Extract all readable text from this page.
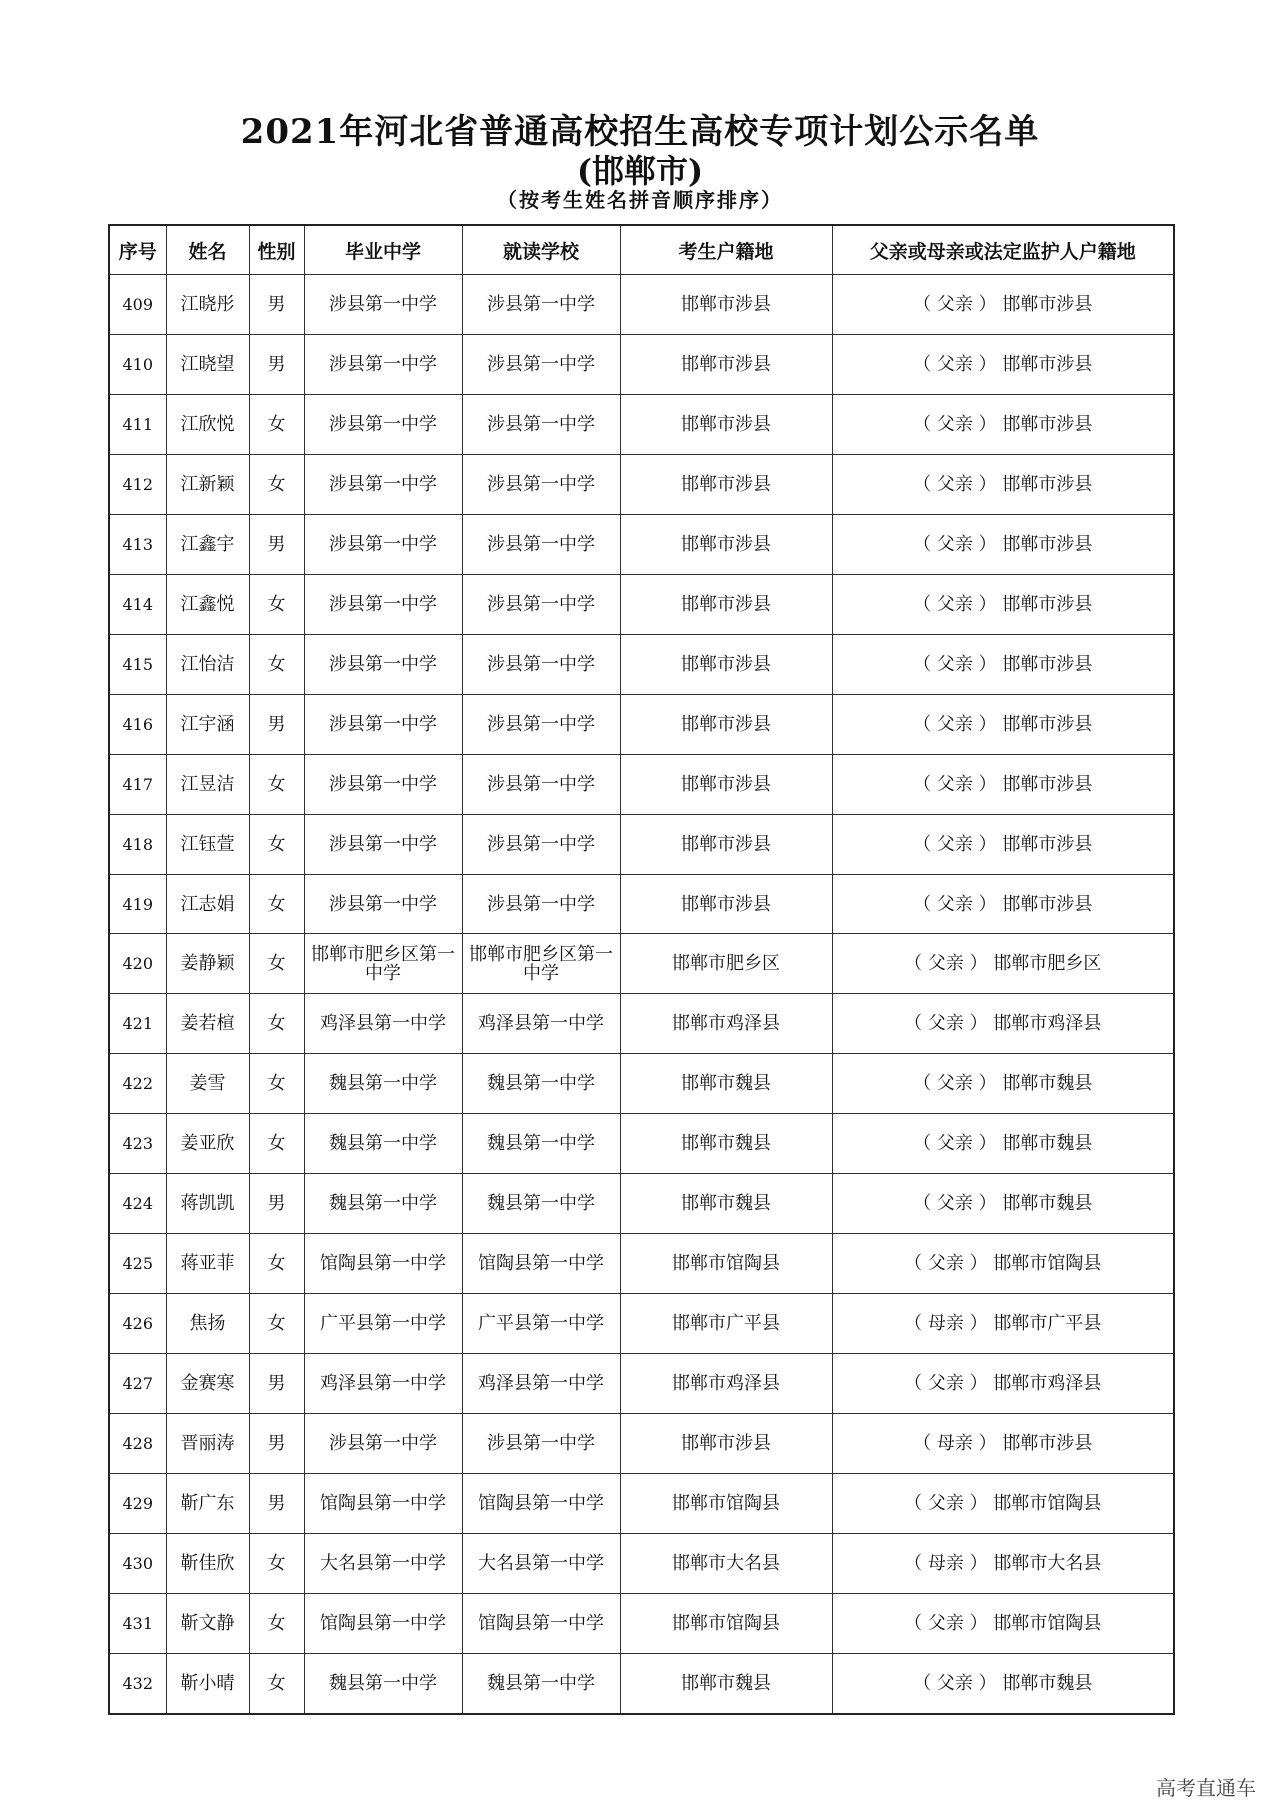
2021年河北省普通高校招生高校专项计划公示名单
(邯郸市)
（按考生姓名拼音顺序排序）
序号	姓名	性别	毕业中学	就读学校	考生户籍地	父亲或母亲或法定监护人户籍地
409	江晓彤	男	涉县第一中学	涉县第一中学	邯郸市涉县	（ 父亲 ） 邯郸市涉县
410	江晓望	男	涉县第一中学	涉县第一中学	邯郸市涉县	（ 父亲 ） 邯郸市涉县
411	江欣悦	女	涉县第一中学	涉县第一中学	邯郸市涉县	（ 父亲 ） 邯郸市涉县
412	江新颖	女	涉县第一中学	涉县第一中学	邯郸市涉县	（ 父亲 ） 邯郸市涉县
413	江鑫宇	男	涉县第一中学	涉县第一中学	邯郸市涉县	（ 父亲 ） 邯郸市涉县
414	江鑫悦	女	涉县第一中学	涉县第一中学	邯郸市涉县	（ 父亲 ） 邯郸市涉县
415	江怡洁	女	涉县第一中学	涉县第一中学	邯郸市涉县	（ 父亲 ） 邯郸市涉县
416	江宇涵	男	涉县第一中学	涉县第一中学	邯郸市涉县	（ 父亲 ） 邯郸市涉县
417	江昱洁	女	涉县第一中学	涉县第一中学	邯郸市涉县	（ 父亲 ） 邯郸市涉县
418	江钰萱	女	涉县第一中学	涉县第一中学	邯郸市涉县	（ 父亲 ） 邯郸市涉县
419	江志娟	女	涉县第一中学	涉县第一中学	邯郸市涉县	（ 父亲 ） 邯郸市涉县
420	姜静颖	女	邯郸市肥乡区第一中学	邯郸市肥乡区第一中学	邯郸市肥乡区	（ 父亲 ） 邯郸市肥乡区
421	姜若楦	女	鸡泽县第一中学	鸡泽县第一中学	邯郸市鸡泽县	（ 父亲 ） 邯郸市鸡泽县
422	姜雪	女	魏县第一中学	魏县第一中学	邯郸市魏县	（ 父亲 ） 邯郸市魏县
423	姜亚欣	女	魏县第一中学	魏县第一中学	邯郸市魏县	（ 父亲 ） 邯郸市魏县
424	蒋凯凯	男	魏县第一中学	魏县第一中学	邯郸市魏县	（ 父亲 ） 邯郸市魏县
425	蒋亚菲	女	馆陶县第一中学	馆陶县第一中学	邯郸市馆陶县	（ 父亲 ） 邯郸市馆陶县
426	焦扬	女	广平县第一中学	广平县第一中学	邯郸市广平县	（ 母亲 ） 邯郸市广平县
427	金赛寒	男	鸡泽县第一中学	鸡泽县第一中学	邯郸市鸡泽县	（ 父亲 ） 邯郸市鸡泽县
428	晋丽涛	男	涉县第一中学	涉县第一中学	邯郸市涉县	（ 母亲 ） 邯郸市涉县
429	靳广东	男	馆陶县第一中学	馆陶县第一中学	邯郸市馆陶县	（ 父亲 ） 邯郸市馆陶县
430	靳佳欣	女	大名县第一中学	大名县第一中学	邯郸市大名县	（ 母亲 ） 邯郸市大名县
431	靳文静	女	馆陶县第一中学	馆陶县第一中学	邯郸市馆陶县	（ 父亲 ） 邯郸市馆陶县
432	靳小晴	女	魏县第一中学	魏县第一中学	邯郸市魏县	（ 父亲 ） 邯郸市魏县
高考直通车
